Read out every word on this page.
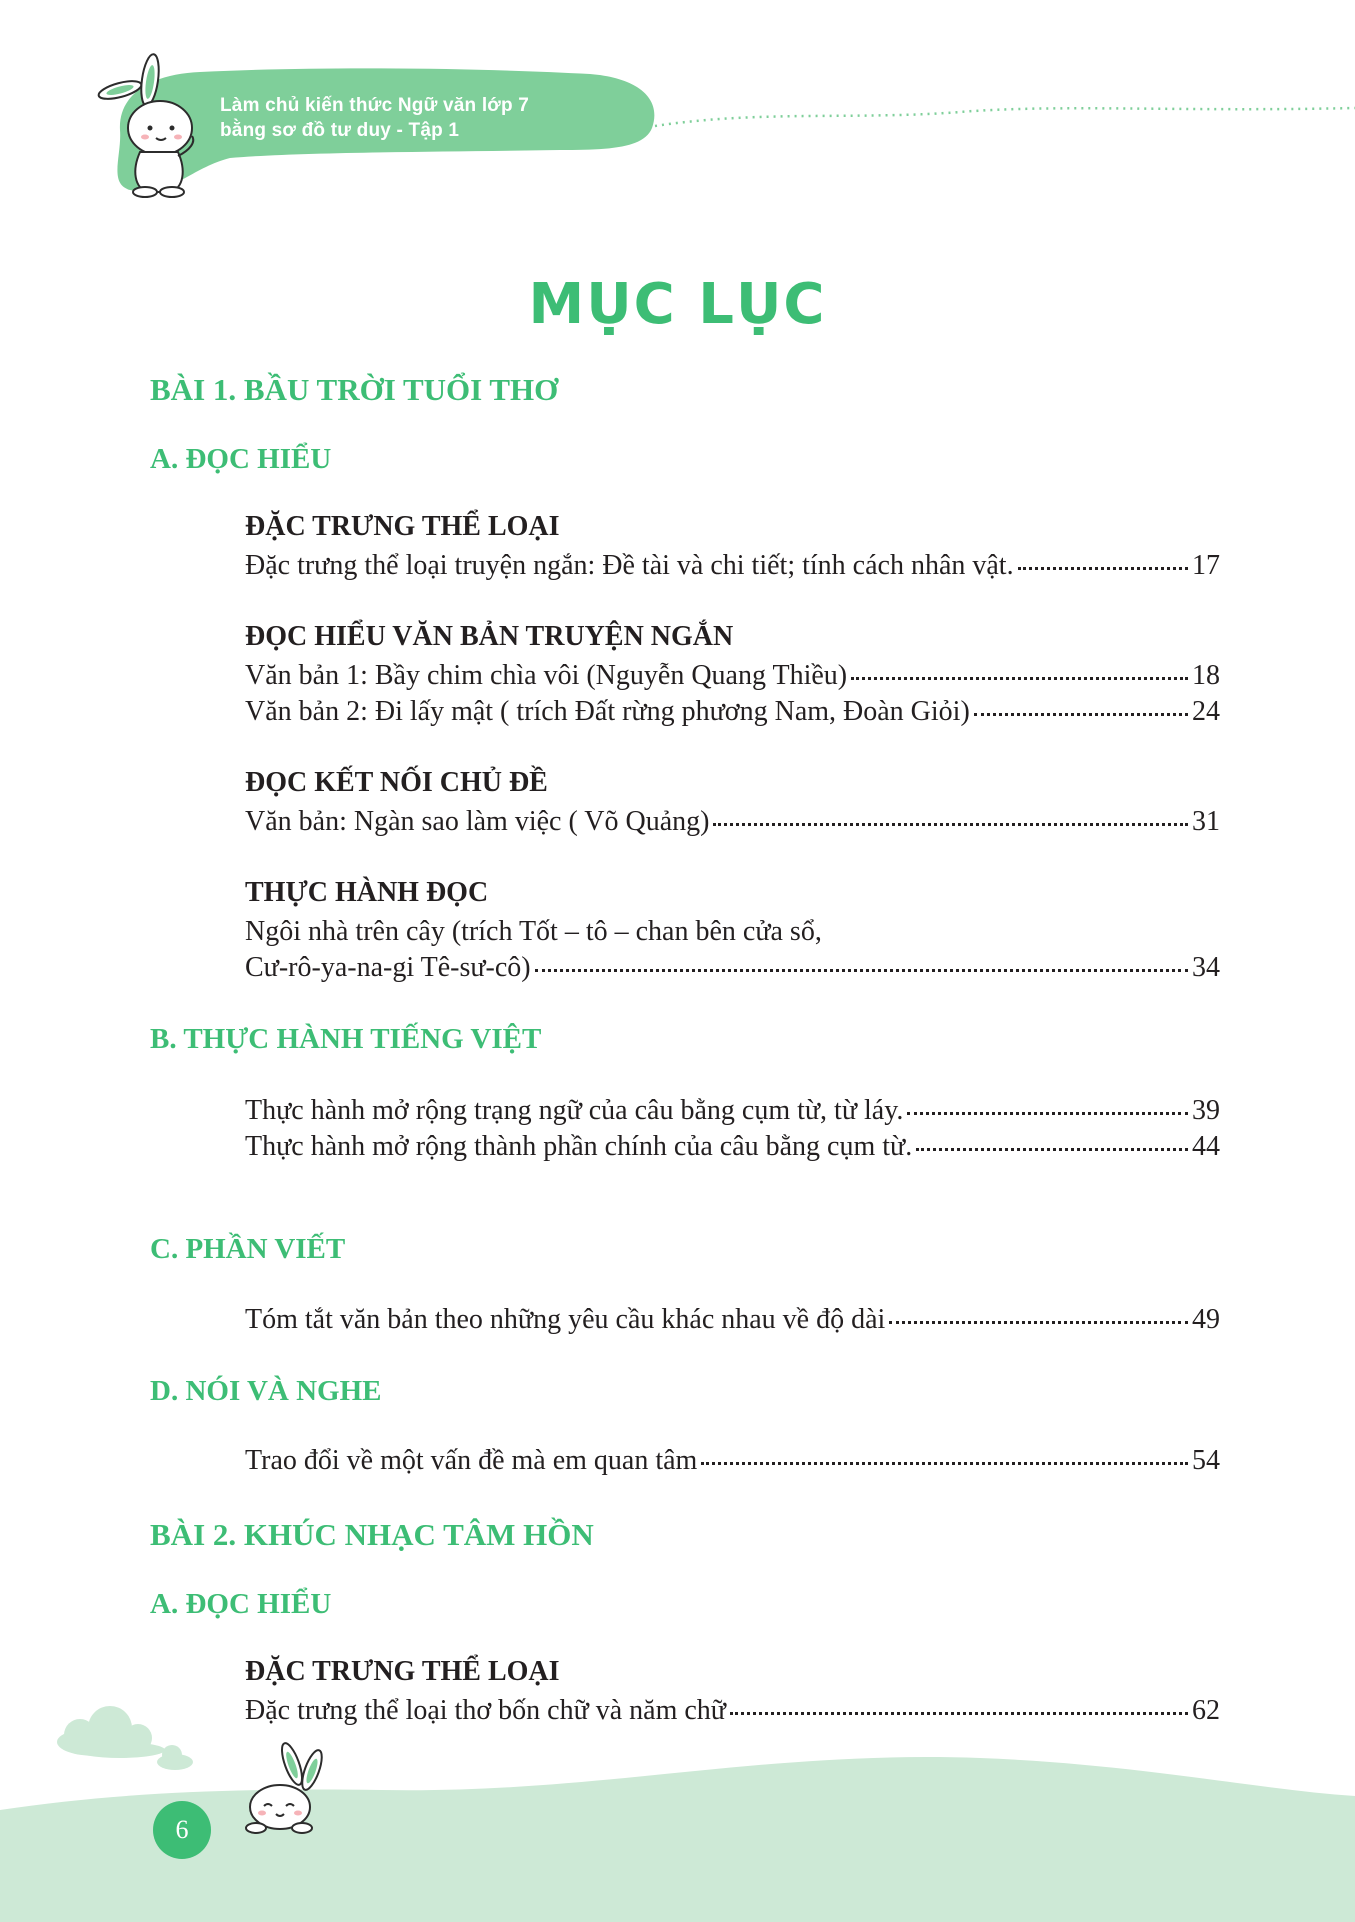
Làm chủ kiến thức Ngữ văn lớp 7
bằng sơ đồ tư duy - Tập 1
MỤC LỤC
BÀI 1. BẦU TRỜI TUỔI THƠ
A. ĐỌC HIỂU
ĐẶC TRƯNG THỂ LOẠI
Đặc trưng thể loại truyện ngắn: Đề tài và chi tiết; tính cách nhân vật.	17
ĐỌC HIỂU VĂN BẢN TRUYỆN NGẮN
Văn bản 1: Bầy chim chìa vôi (Nguyễn Quang Thiều)	18
Văn bản 2: Đi lấy mật ( trích Đất rừng phương Nam, Đoàn Giỏi)	24
ĐỌC KẾT NỐI CHỦ ĐỀ
Văn bản: Ngàn sao làm việc ( Võ Quảng)	31
THỰC HÀNH ĐỌC
Ngôi nhà trên cây (trích Tốt – tô – chan bên cửa sổ,
Cư-rô-ya-na-gi Tê-sư-cô)	34
B. THỰC HÀNH TIẾNG VIỆT
Thực hành mở rộng trạng ngữ của câu bằng cụm từ, từ láy.	39
Thực hành mở rộng thành phần chính của câu bằng cụm từ.	44
C. PHẦN VIẾT
Tóm tắt văn bản theo những yêu cầu khác nhau về độ dài	49
D. NÓI VÀ NGHE
Trao đổi về một vấn đề mà em quan tâm	54
BÀI 2. KHÚC NHẠC TÂM HỒN
A. ĐỌC HIỂU
ĐẶC TRƯNG THỂ LOẠI
Đặc trưng thể loại thơ bốn chữ và năm chữ	62
6
